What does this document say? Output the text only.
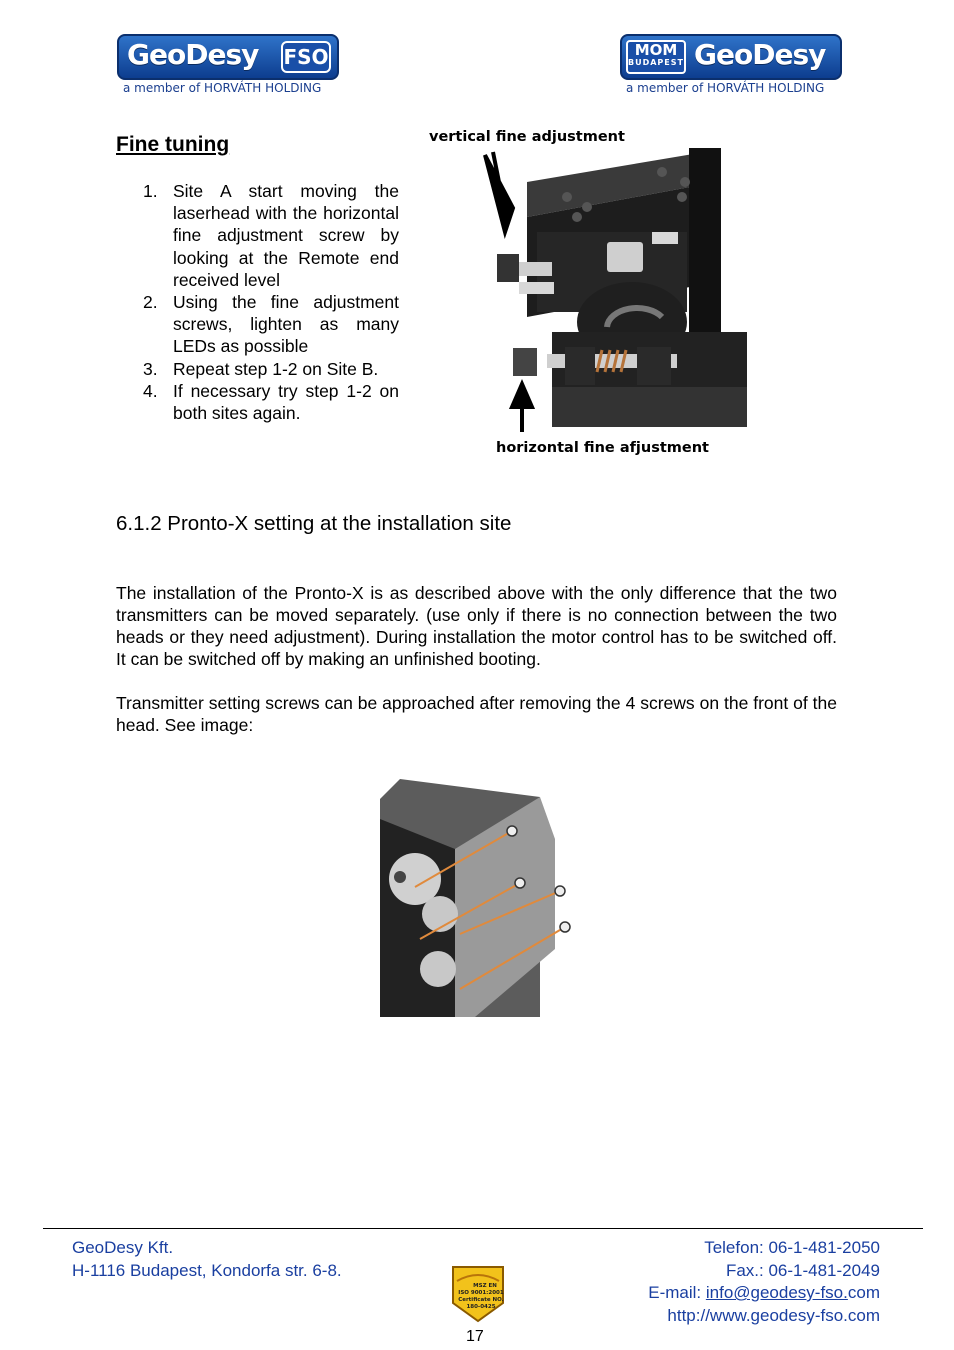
GeoDesy FSO
a member of HORVÁTH HOLDING
MOM
BUDAPEST GeoDesy
a member of HORVÁTH HOLDING
Fine tuning
1. Site A start moving the laserhead with the horizontal fine adjustment screw by looking at the Remote end received level
2. Using the fine adjustment screws, lighten as many LEDs as possible
3. Repeat step 1-2 on Site B.
4. If necessary try step 1-2 on both sites again.
vertical fine adjustment
horizontal fine afjustment
6.1.2 Pronto-X setting at the installation site
The installation of the Pronto-X is as described above with the only difference that the two transmitters can be moved separately. (use only if there is no connection between the two heads or they need adjustment). During installation the motor control has to be switched off. It can be switched off by making an unfinished booting.
Transmitter setting screws can be approached after removing the 4 screws on the front of the head. See image:
GeoDesy Kft.
H-1116 Budapest, Kondorfa str. 6-8.
Telefon: 06-1-481-2050
Fax.: 06-1-481-2049
E-mail: info@geodesy-fso.com
http://www.geodesy-fso.com
MSZ EN
ISO 9001:2001
Certificate NO.
180-0425
17
